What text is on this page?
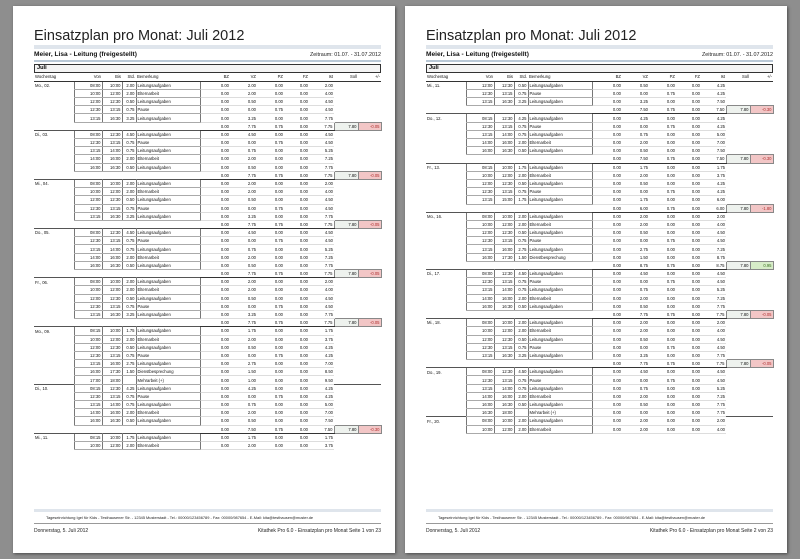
Einsatzplan pro Monat: Juli 2012
Meier, Lisa - Leitung (freigestellt)	Zeitraum: 01.07. - 31.07.2012
Juli
Wochentag	Von	Bis	Std.	Bemerkung	BZ	VZ	PZ	FZ	Ist	Soll	+/-
Mo., 02.	08:00	10:00	2.00	Leitungsaufgaben	0.00	2.00	0.00	0.00	2.00		
	10:00	12:00	2.00	Elternarbeit	0.00	2.00	0.00	0.00	4.00		
	12:00	12:30	0.50	Leitungsaufgaben	0.00	0.50	0.00	0.00	4.50		
	12:30	13:15	0.75	Pause	0.00	0.00	0.75	0.00	4.50		
	13:15	16:30	3.25	Leitungsaufgaben	0.00	3.25	0.00	0.00	7.75		
					0.00	7.75	0.75	0.00	7.75	7.80	-0.05
Di., 03.	08:00	12:30	4.50	Leitungsaufgaben	0.00	4.50	0.00	0.00	4.50		
	12:30	13:15	0.75	Pause	0.00	0.00	0.75	0.00	4.50		
	13:15	14:00	0.75	Leitungsaufgaben	0.00	0.75	0.00	0.00	5.25		
	14:00	16:00	2.00	Elternarbeit	0.00	2.00	0.00	0.00	7.25		
	16:00	16:30	0.50	Leitungsaufgaben	0.00	0.50	0.00	0.00	7.75		
					0.00	7.75	0.75	0.00	7.75	7.80	-0.05
Mi., 04.	08:00	10:00	2.00	Leitungsaufgaben	0.00	2.00	0.00	0.00	2.00		
	10:00	12:00	2.00	Elternarbeit	0.00	2.00	0.00	0.00	4.00		
	12:00	12:30	0.50	Leitungsaufgaben	0.00	0.50	0.00	0.00	4.50		
	12:30	13:15	0.75	Pause	0.00	0.00	0.75	0.00	4.50		
	13:15	16:30	3.25	Leitungsaufgaben	0.00	3.25	0.00	0.00	7.75		
					0.00	7.75	0.75	0.00	7.75	7.80	-0.05
Do., 05.	08:00	12:30	4.50	Leitungsaufgaben	0.00	4.50	0.00	0.00	4.50		
	12:30	13:15	0.75	Pause	0.00	0.00	0.75	0.00	4.50		
	13:15	14:00	0.75	Leitungsaufgaben	0.00	0.75	0.00	0.00	5.25		
	14:00	16:00	2.00	Elternarbeit	0.00	2.00	0.00	0.00	7.25		
	16:00	16:30	0.50	Leitungsaufgaben	0.00	0.50	0.00	0.00	7.75		
					0.00	7.75	0.75	0.00	7.75	7.80	-0.05
Fr., 06.	08:00	10:00	2.00	Leitungsaufgaben	0.00	2.00	0.00	0.00	2.00		
	10:00	12:00	2.00	Elternarbeit	0.00	2.00	0.00	0.00	4.00		
	12:00	12:30	0.50	Leitungsaufgaben	0.00	0.50	0.00	0.00	4.50		
	12:30	13:15	0.75	Pause	0.00	0.00	0.75	0.00	4.50		
	13:15	16:30	3.25	Leitungsaufgaben	0.00	3.25	0.00	0.00	7.75		
					0.00	7.75	0.75	0.00	7.75	7.80	-0.05
Mo., 09.	08:15	10:00	1.75	Leitungsaufgaben	0.00	1.75	0.00	0.00	1.75		
	10:00	12:00	2.00	Elternarbeit	0.00	2.00	0.00	0.00	3.75		
	12:00	12:30	0.50	Leitungsaufgaben	0.00	0.50	0.00	0.00	4.25		
	12:30	13:15	0.75	Pause	0.00	0.00	0.75	0.00	4.25		
	13:15	16:00	2.75	Leitungsaufgaben	0.00	2.75	0.00	0.00	7.00		
	16:00	17:30	1.50	Dienstbesprechung	0.00	1.50	0.00	0.00	8.50		
	17:00	18:00		Mehrarbeit (+)	0.00	1.00	0.00	0.00	9.50		
Di., 10.	08:15	12:30	4.25	Leitungsaufgaben	0.00	4.25	0.00	0.00	4.25		
	12:30	13:15	0.75	Pause	0.00	0.00	0.75	0.00	4.25		
	13:15	14:00	0.75	Leitungsaufgaben	0.00	0.75	0.00	0.00	5.00		
	14:00	16:00	2.00	Elternarbeit	0.00	2.00	0.00	0.00	7.00		
	16:00	16:30	0.50	Leitungsaufgaben	0.00	0.50	0.00	0.00	7.50		
					0.00	7.50	0.75	0.00	7.50	7.80	-0.30
Mi., 11.	08:15	10:00	1.75	Leitungsaufgaben	0.00	1.75	0.00	0.00	1.75		
	10:00	12:00	2.00	Elternarbeit	0.00	2.00	0.00	0.00	3.75		
Tageseinrichtung Igel für Kids - Testhausener Str. - 12345 Musterstadt - Tel.: 00000/123456789 - Fax: 00000/987654 - E-Mail: kita@testhausen@muster.de
Donnerstag, 5. Juli 2012	Kitathek Pro 6.0 - Einsatzplan pro Monat Seite 1 von 23
Einsatzplan pro Monat: Juli 2012
Meier, Lisa - Leitung (freigestellt)	Zeitraum: 01.07. - 31.07.2012
Juli
Wochentag	Von	Bis	Std.	Bemerkung	BZ	VZ	PZ	FZ	Ist	Soll	+/-
Mi., 11.	12:00	12:30	0.50	Leitungsaufgaben	0.00	0.50	0.00	0.00	4.25		
	12:30	13:15	0.75	Pause	0.00	0.00	0.75	0.00	4.25		
	13:15	16:30	3.25	Leitungsaufgaben	0.00	3.25	0.00	0.00	7.50		
					0.00	7.50	0.75	0.00	7.50	7.80	-0.30
Do., 12.	08:15	12:30	4.25	Leitungsaufgaben	0.00	4.25	0.00	0.00	4.25		
	12:30	13:15	0.75	Pause	0.00	0.00	0.75	0.00	4.25		
	13:15	14:00	0.75	Leitungsaufgaben	0.00	0.75	0.00	0.00	5.00		
	14:00	16:00	2.00	Elternarbeit	0.00	2.00	0.00	0.00	7.00		
	16:00	16:30	0.50	Leitungsaufgaben	0.00	0.50	0.00	0.00	7.50		
					0.00	7.50	0.75	0.00	7.50	7.80	-0.30
Fr., 13.	08:15	10:00	1.75	Leitungsaufgaben	0.00	1.75	0.00	0.00	1.75		
	10:00	12:00	2.00	Elternarbeit	0.00	2.00	0.00	0.00	3.75		
	12:00	12:30	0.50	Leitungsaufgaben	0.00	0.50	0.00	0.00	4.25		
	12:30	13:15	0.75	Pause	0.00	0.00	0.75	0.00	4.25		
	13:15	15:00	1.75	Leitungsaufgaben	0.00	1.75	0.00	0.00	6.00		
					0.00	6.00	0.75	0.00	6.00	7.80	-1.80
Mo., 16.	08:00	10:00	2.00	Leitungsaufgaben	0.00	2.00	0.00	0.00	2.00		
	10:00	12:00	2.00	Elternarbeit	0.00	2.00	0.00	0.00	4.00		
	12:00	12:30	0.50	Leitungsaufgaben	0.00	0.50	0.00	0.00	4.50		
	12:30	13:15	0.75	Pause	0.00	0.00	0.75	0.00	4.50		
	13:15	16:00	2.75	Leitungsaufgaben	0.00	2.75	0.00	0.00	7.25		
	16:00	17:30	1.50	Dienstbesprechung	0.00	1.50	0.00	0.00	8.75		
					0.00	8.75	0.75	0.00	8.75	7.80	0.95
Di., 17.	08:00	12:30	4.50	Leitungsaufgaben	0.00	4.50	0.00	0.00	4.50		
	12:30	13:15	0.75	Pause	0.00	0.00	0.75	0.00	4.50		
	13:15	14:00	0.75	Leitungsaufgaben	0.00	0.75	0.00	0.00	5.25		
	14:00	16:00	2.00	Elternarbeit	0.00	2.00	0.00	0.00	7.25		
	16:00	16:30	0.50	Leitungsaufgaben	0.00	0.50	0.00	0.00	7.75		
					0.00	7.75	0.75	0.00	7.75	7.80	-0.05
Mi., 18.	08:00	10:00	2.00	Leitungsaufgaben	0.00	2.00	0.00	0.00	2.00		
	10:00	12:00	2.00	Elternarbeit	0.00	2.00	0.00	0.00	4.00		
	12:00	12:30	0.50	Leitungsaufgaben	0.00	0.50	0.00	0.00	4.50		
	12:30	13:15	0.75	Pause	0.00	0.00	0.75	0.00	4.50		
	13:15	16:30	3.25	Leitungsaufgaben	0.00	3.25	0.00	0.00	7.75		
					0.00	7.75	0.75	0.00	7.75	7.80	-0.05
Do., 19.	08:00	12:30	4.50	Leitungsaufgaben	0.00	4.50	0.00	0.00	4.50		
	12:30	13:15	0.75	Pause	0.00	0.00	0.75	0.00	4.50		
	13:15	14:00	0.75	Leitungsaufgaben	0.00	0.75	0.00	0.00	5.25		
	14:00	16:00	2.00	Elternarbeit	0.00	2.00	0.00	0.00	7.25		
	16:00	16:30	0.50	Leitungsaufgaben	0.00	0.50	0.00	0.00	7.75		
	16:30	18:00		Mehrarbeit (+)	0.00	0.00	0.00	0.00	7.75		
Fr., 20.	08:00	10:00	2.00	Leitungsaufgaben	0.00	2.00	0.00	0.00	2.00		
	10:00	12:00	2.00	Elternarbeit	0.00	2.00	0.00	0.00	4.00		
Tageseinrichtung Igel für Kids - Testhausener Str. - 12345 Musterstadt - Tel.: 00000/123456789 - Fax: 00000/987654 - E-Mail: kita@testhausen@muster.de
Donnerstag, 5. Juli 2012	Kitathek Pro 6.0 - Einsatzplan pro Monat Seite 2 von 23
